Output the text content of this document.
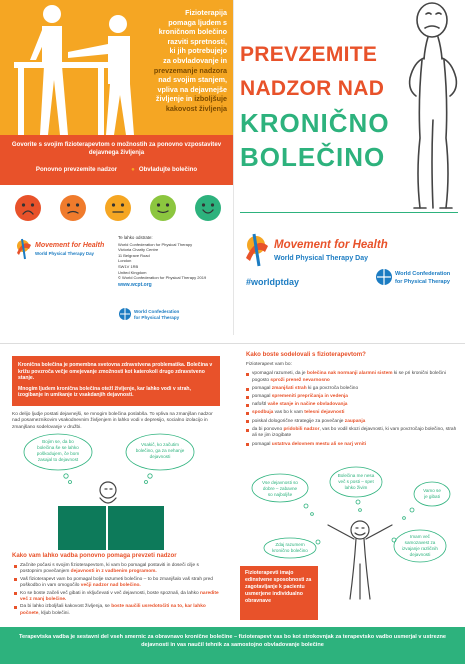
Fizioterapija
pomaga ljudem s
kroničnom bolečino
razviti spretnosti,
ki jih potrebujejo
za obvladovanje in
prevzemanje nadzora
nad svojim stanjem,
vpliva na dejavnejše
življenje in izboljšuje
kakovost življenja
Govorite s svojim fizioterapevtom o možnostih za ponovno vzpostavitev dejavnega življenja
Ponovno prevzemite nadzor	● Obvladujte bolečino
Movement for Health
World Physical Therapy Day
Te lahko odstrate:
World Confederation for Physical Therapy
Victoria Charity Centre
11 Belgrave Road
London
SW1V 1RB
United Kingdom
© World Confederation for Physical Therapy 2019
www.wcpt.org
World Confederation
for Physical Therapy
PREVZEMITE
NADZOR NAD
KRONIČNO
BOLEČINO
Movement for Health
World Physical Therapy Day
#worldptday
World Confederation
for Physical Therapy

Kronična bolečina je pomembna svetovna zdravstvena problematika. Bolečina v križu povzroča večje omejevanje zmožnosti kot katerokoli drugo zdravstveno stanje.

Mnogim ljudem kronična bolečina otežI življenje, kar lahko vodi v strah, izogibanje in umikanje iz vsakdanjih dejavnosti.

Ko delijo ljudje postati dejavnejši, se mnogim bolečina poslabša. To vpliva na zmanjšan nadzor nad posameznikovim vsakodnevnim življenjem in lahko vodi v depresijo, socialno izolacijo in zmanjšano sodelovanje v družbi.
Bojim se, da bo
bolečina še se lahko
poškodujem, če bom
zasajal to dejavnost
Vsakič, ko začutim
bolečino, ga za nehanje
dejavnosti
Kako vam lahko vadba ponovno pomaga prevzeti nadzor
Začnite počasi s svojim fizioterapevtom, ki vam bo pomagal postaviti in doseči cilje s postopnim povečanjem dejavnosti in z vadbenim programom.
Vaš fizioterapevt vam bo pomagal bolje razumeti bolečino – to bo zmanjšalo vaš strah pred poškodbo in vam omogočilo večji nadzor nad bolečino.
Ko se boste začeli več gibati in vključevati v več dejavnosti, boste spoznali, da lahko naredite več z manj bolečine.
Da bi lahko izboljšali kakovost življenja, se boste naučili usredotočiti na to, kar lahko počnete, kljub bolečini.
Kako boste sodelovali s fizioterapevtom?
Fizioterapevt vam bo:
vpomagal razumeti, da je bolečina nak normanji alarmni sistem ki se pri kronični bolečini pogosto sproži prenež nevarnosno
pomagal zmanjšati strah ki ga povzroča bolečino
pomagal spremeniti prepričanja in vedenja
nafoštl vaše stanje in načine obvladovanja
spodbuja vas bo k vam telesni dejavnosti
poiskal dologorične strategije za povečanje zaupanja
da bi ponovno pridobili nadzor, vas bo vodil skozi dejavnosti, ki vam povzročajo bolečino, strah ali se jim izogibate
pomagal ustatrva delovnem mestu ali se narj vrniti
Vse dejavnosti so
dobre – zabavne
so najboljše
Bolečina me nesa
več s posti – spet
lahko živim
Vamo se
je gibati
Zdaj razumem
kronično bolečino
Imam več
samozavest za
izvajanje različnih
dejavnosti
Fizioterapevti imajo edinstvene sposobnosti za zagotavljanje k pacientu usmerjene individualno obravnave
Terapevtska vadba je sestavni del vseh smernic za obravnavo kronične bolečine – fizioterapevt vas bo kot strokovnjak za terapevtsko vadbo usmerjal v ustrezne dejavnosti in vas naučil tehnik za samostojno obvladovanje bolečine
